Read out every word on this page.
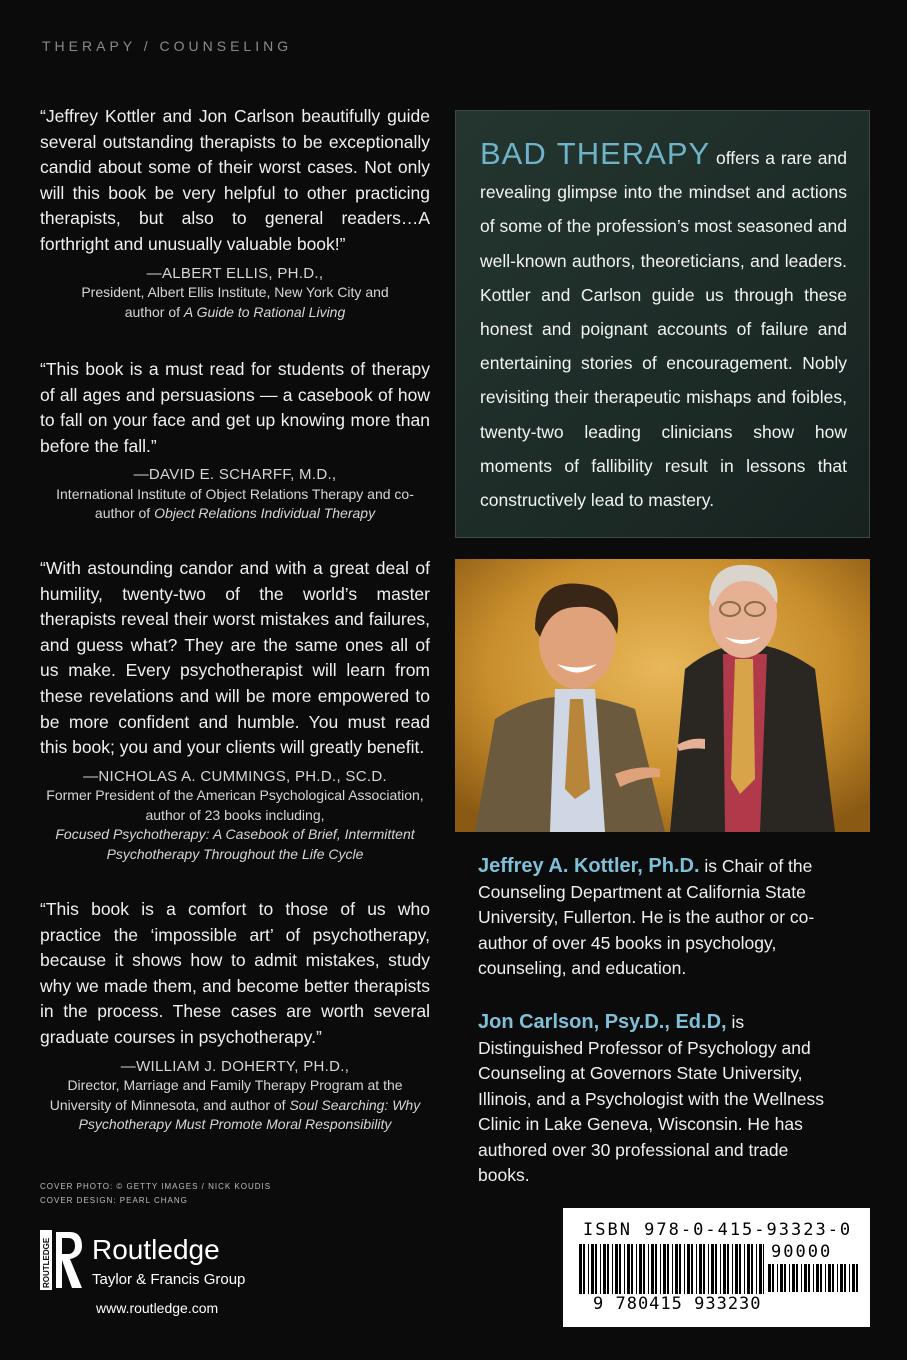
THERAPY / COUNSELING

“Jeffrey Kottler and Jon Carlson beautifully guide several outstanding therapists to be exceptionally candid about some of their worst cases. Not only will this book be very helpful to other practicing therapists, but also to general readers…A forthright and unusually valuable book!”

—ALBERT ELLIS, PH.D.,
President, Albert Ellis Institute, New York City and
author of A Guide to Rational Living

“This book is a must read for students of therapy of all ages and persuasions — a casebook of how to fall on your face and get up knowing more than before the fall.”

—DAVID E. SCHARFF, M.D.,
International Institute of Object Relations Therapy and co-
author of Object Relations Individual Therapy

“With astounding candor and with a great deal of humility, twenty-two of the world’s master therapists reveal their worst mistakes and failures, and guess what? They are the same ones all of us make. Every psychotherapist will learn from these revelations and will be more empowered to be more confident and humble. You must read this book; you and your clients will greatly benefit.

—NICHOLAS A. CUMMINGS, PH.D., SC.D.
Former President of the American Psychological Association,
author of 23 books including,
Focused Psychotherapy: A Casebook of Brief, Intermittent Psychotherapy Throughout the Life Cycle

“This book is a comfort to those of us who practice the ‘impossible art’ of psychotherapy, because it shows how to admit mistakes, study why we made them, and become better therapists in the process. These cases are worth several graduate courses in psychotherapy.”

—WILLIAM J. DOHERTY, PH.D.,
Director, Marriage and Family Therapy Program at the
University of Minnesota, and author of Soul Searching: Why Psychotherapy Must Promote Moral Responsibility
COVER PHOTO: © GETTY IMAGES / NICK KOUDIS
COVER DESIGN: PEARL CHANG
ROUTLEDGE Routledge
Taylor & Francis Group
www.routledge.com

BAD THERAPY offers a rare and revealing glimpse into the mindset and actions of some of the profession’s most seasoned and well-known authors, theoreticians, and leaders. Kottler and Carlson guide us through these honest and poignant accounts of failure and entertaining stories of encouragement. Nobly revisiting their therapeutic mishaps and foibles, twenty-two leading clinicians show how moments of fallibility result in lessons that constructively lead to mastery.

Jeffrey A. Kottler, Ph.D. is Chair of the Counseling Department at California State University, Fullerton. He is the author or co-author of over 45 books in psychology, counseling, and education.

Jon Carlson, Psy.D., Ed.D, is Distinguished Professor of Psychology and Counseling at Governors State University, Illinois, and a Psychologist with the Wellness Clinic in Lake Geneva, Wisconsin. He has authored over 30 professional and trade books.

ISBN 978-0-415-93323-0
90000
9 780415 933230
